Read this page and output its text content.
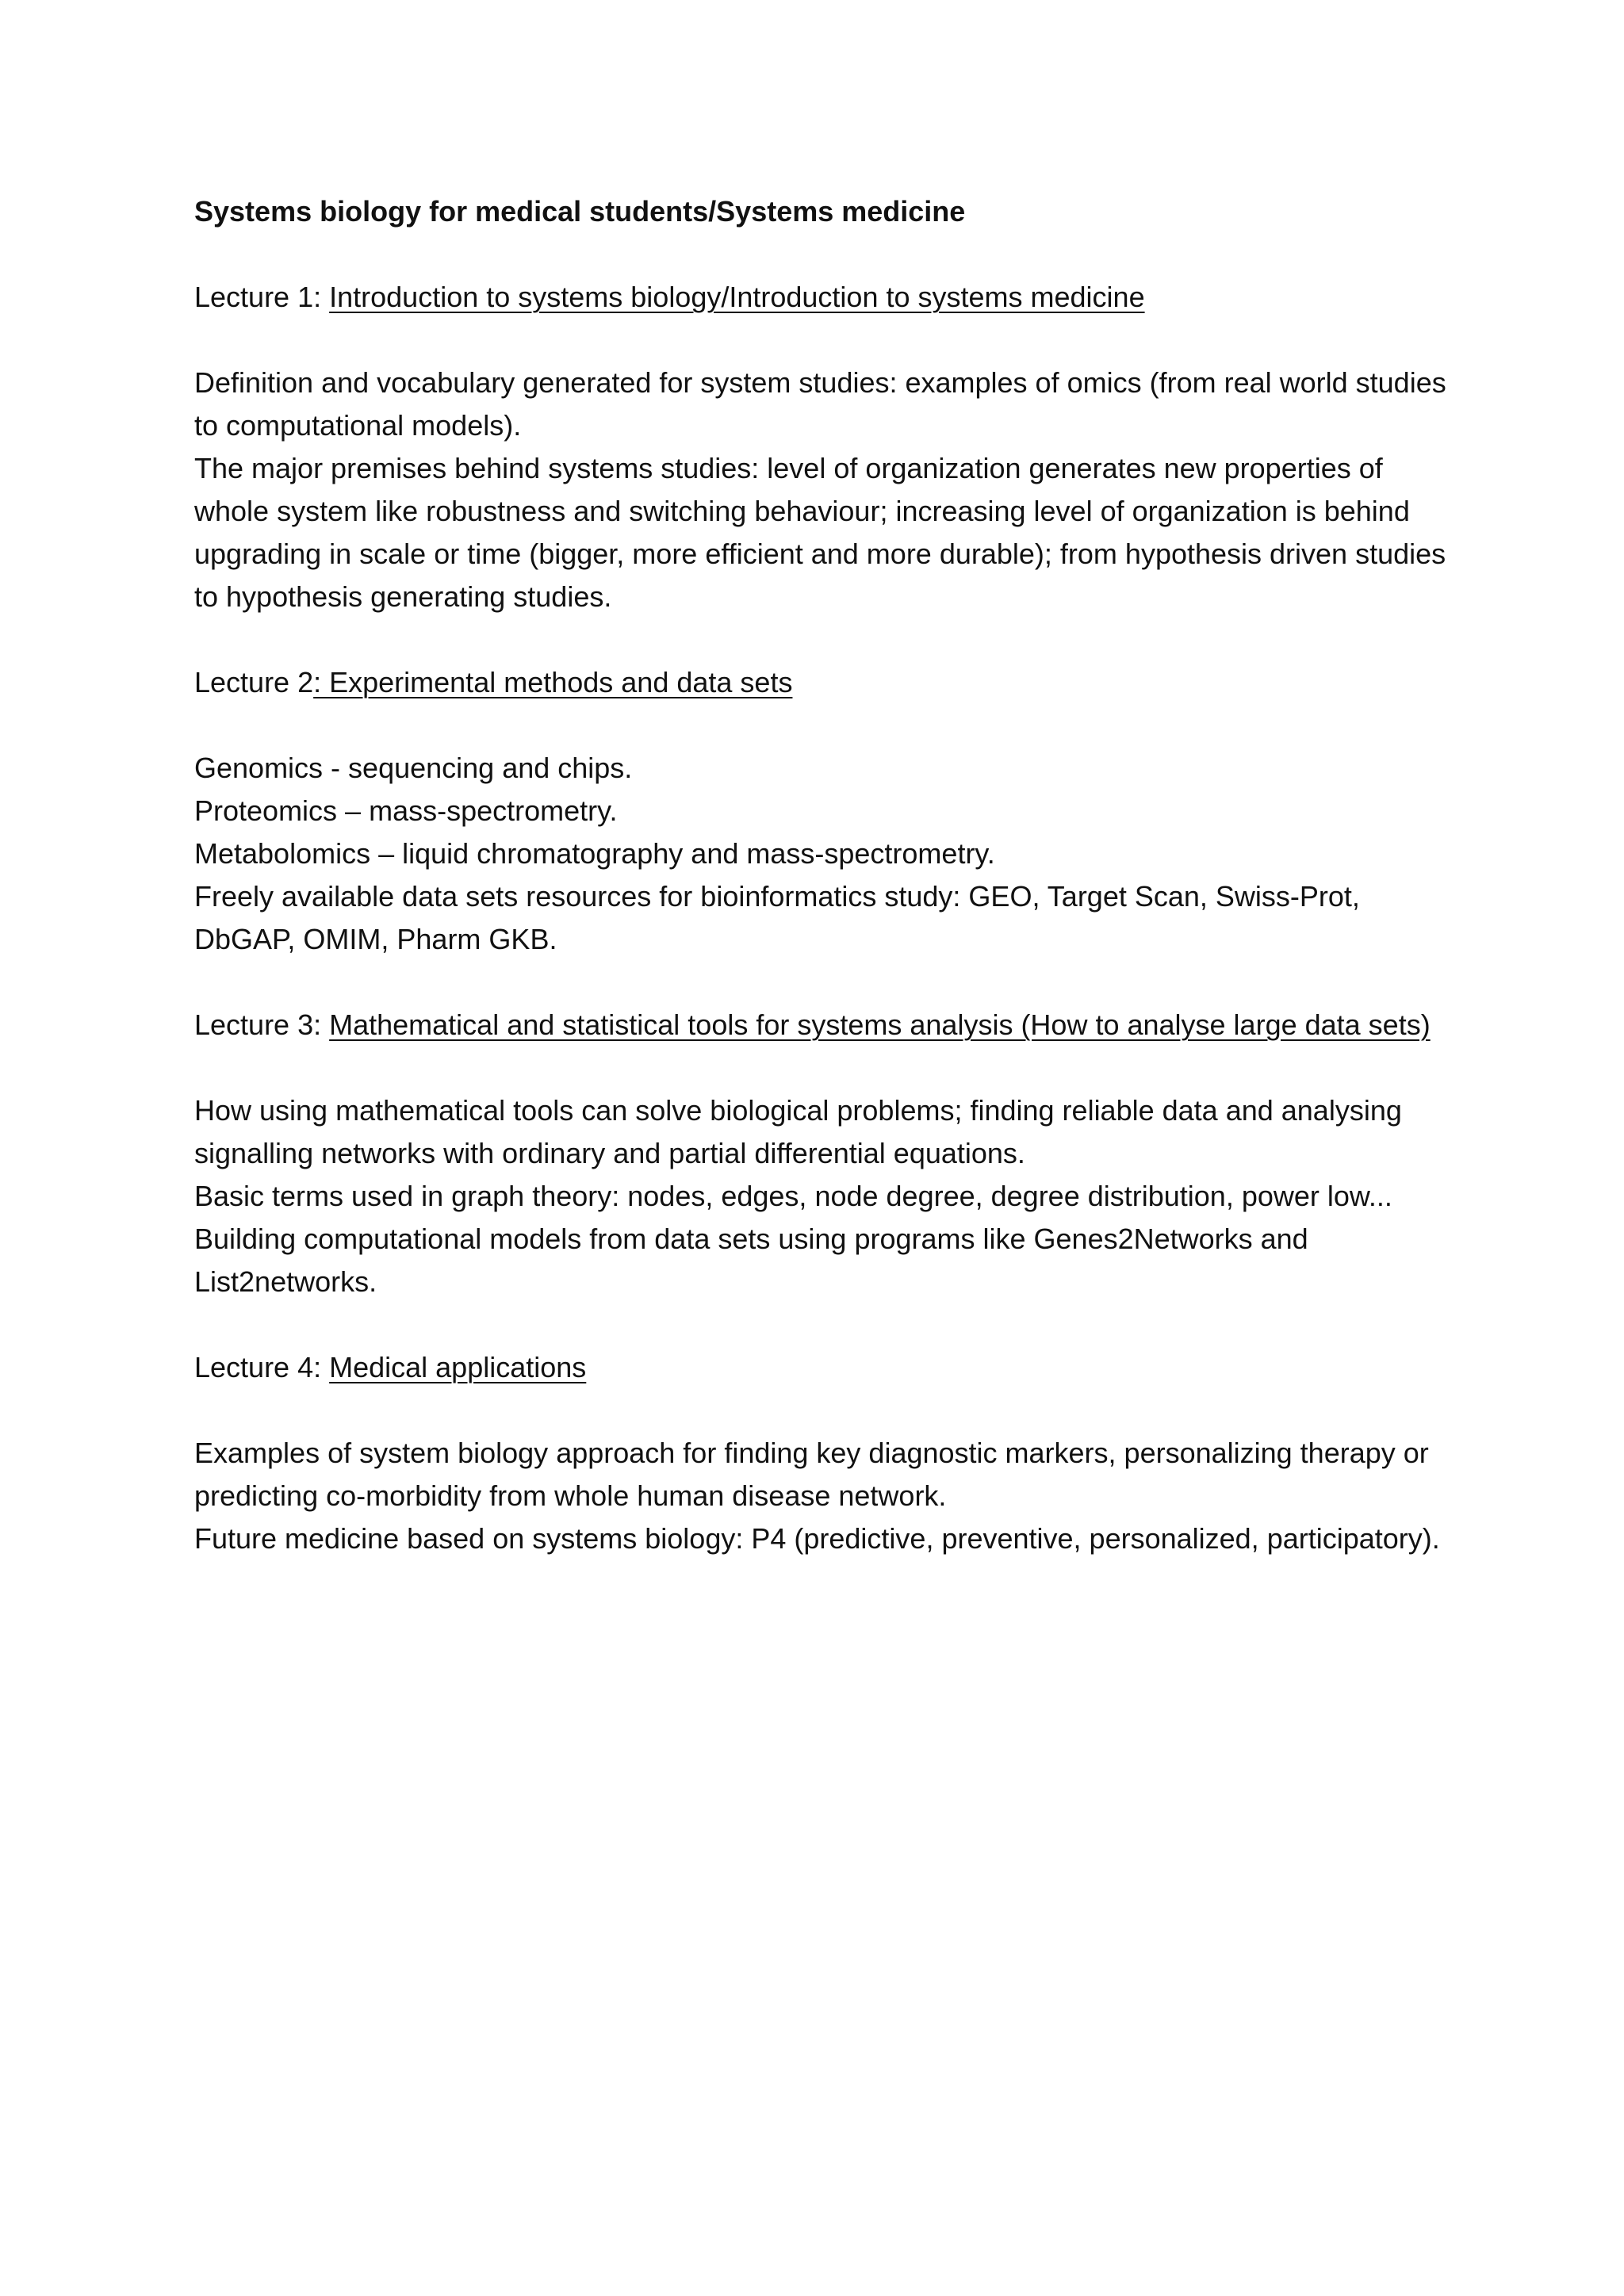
Systems biology for medical students/Systems medicine

Lecture 1: Introduction to systems biology/Introduction to systems medicine

Definition and vocabulary generated for system studies: examples of omics (from real world studies to computational models).

The major premises behind systems studies: level of organization generates new properties of whole system like robustness and switching behaviour; increasing level of organization is behind upgrading in scale or time (bigger, more efficient and more durable); from hypothesis driven studies to hypothesis generating studies.

Lecture 2: Experimental methods and data sets

Genomics - sequencing and chips.

Proteomics – mass-spectrometry.

Metabolomics – liquid chromatography and mass-spectrometry.

Freely available data sets resources for bioinformatics study: GEO, Target Scan, Swiss-Prot, DbGAP, OMIM, Pharm GKB.

Lecture 3: Mathematical and statistical tools for systems analysis (How to analyse large data sets)

How using mathematical tools can solve biological problems; finding reliable data and analysing signalling networks with ordinary and partial differential equations.

Basic terms used in graph theory: nodes, edges, node degree, degree distribution, power low...

Building computational models from data sets using programs like Genes2Networks and List2networks.

Lecture 4: Medical applications

Examples of system biology approach for finding key diagnostic markers, personalizing therapy or predicting co-morbidity from whole human disease network.

Future medicine based on systems biology: P4 (predictive, preventive, personalized, participatory).
